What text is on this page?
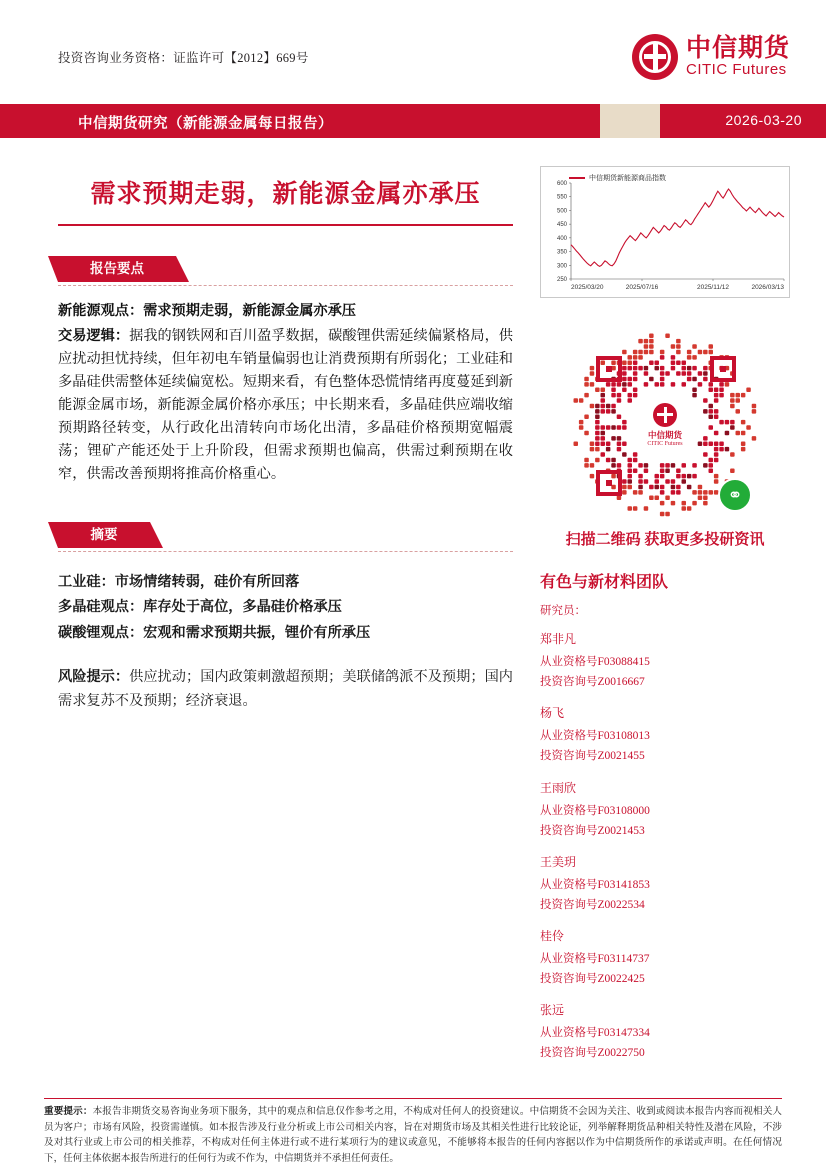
投资咨询业务资格：证监许可【2012】669号	中信期货
CITIC Futures
中信期货研究（新能源金属每日报告）	2026-03-20
需求预期走弱，新能源金属亦承压
报告要点
新能源观点：需求预期走弱，新能源金属亦承压
交易逻辑：据我的钢铁网和百川盈孚数据，碳酸锂供需延续偏紧格局，供应扰动担忧持续，但年初电车销量偏弱也让消费预期有所弱化；工业硅和多晶硅供需整体延续偏宽松。短期来看，有色整体恐慌情绪再度蔓延到新能源金属市场，新能源金属价格亦承压；中长期来看，多晶硅供应端收缩预期路径转变，从行政化出清转向市场化出清，多晶硅价格预期宽幅震荡；锂矿产能还处于上升阶段，但需求预期也偏高，供需过剩预期在收窄，供需改善预期将推高价格重心。
摘要
工业硅：市场情绪转弱，硅价有所回落
多晶硅观点：库存处于高位，多晶硅价格承压
碳酸锂观点：宏观和需求预期共振，锂价有所承压
风险提示：供应扰动；国内政策刺激超预期；美联储鸽派不及预期；国内需求复苏不及预期；经济衰退。
中信期货新能源商品指数
250
300
350
400
450
500
550
600
2025/03/20	2025/07/16	2025/11/12	2026/03/13
中信期货
CITIC Futures
⚭
扫描二维码 获取更多投研资讯
有色与新材料团队
研究员：
郑非凡
从业资格号F03088415
投资咨询号Z0016667
杨飞
从业资格号F03108013
投资咨询号Z0021455
王雨欣
从业资格号F03108000
投资咨询号Z0021453
王美玥
从业资格号F03141853
投资咨询号Z0022534
桂伶
从业资格号F03114737
投资咨询号Z0022425
张远
从业资格号F03147334
投资咨询号Z0022750
重要提示：本报告非期货交易咨询业务项下服务，其中的观点和信息仅作参考之用，不构成对任何人的投资建议。中信期货不会因为关注、收到或阅读本报告内容而视相关人员为客户；市场有风险，投资需谨慎。如本报告涉及行业分析或上市公司相关内容，旨在对期货市场及其相关性进行比较论证，列举解释期货品种相关特性及潜在风险，不涉及对其行业或上市公司的相关推荐，不构成对任何主体进行或不进行某项行为的建议或意见，不能够将本报告的任何内容据以作为中信期货所作的承诺或声明。在任何情况下，任何主体依据本报告所进行的任何行为或不作为，中信期货并不承担任何责任。
